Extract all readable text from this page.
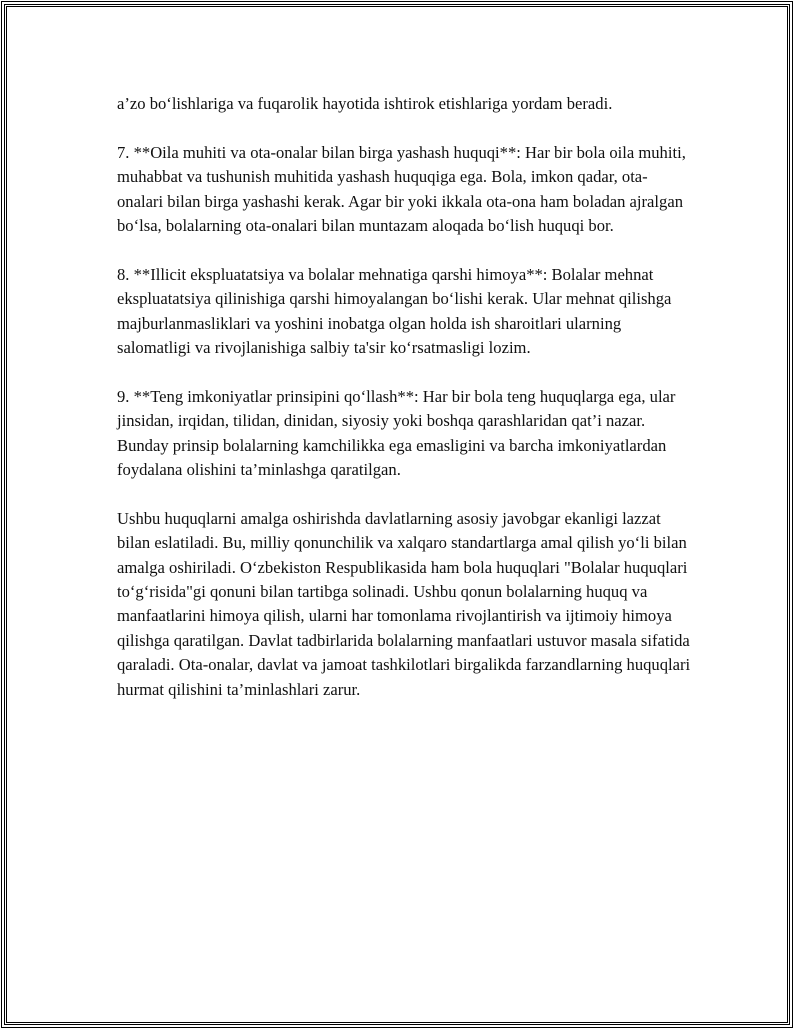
a’zo bo‘lishlariga va fuqarolik hayotida ishtirok etishlariga yordam beradi.

7. **Oila muhiti va ota-onalar bilan birga yashash huquqi**: Har bir bola oila muhiti, muhabbat va tushunish muhitida yashash huquqiga ega. Bola, imkon qadar, ota-onalari bilan birga yashashi kerak. Agar bir yoki ikkala ota-ona ham boladan ajralgan bo‘lsa, bolalarning ota-onalari bilan muntazam aloqada bo‘lish huquqi bor.

8. **Illicit ekspluatatsiya va bolalar mehnatiga qarshi himoya**: Bolalar mehnat ekspluatatsiya qilinishiga qarshi himoyalangan bo‘lishi kerak. Ular mehnat qilishga majburlanmasliklari va yoshini inobatga olgan holda ish sharoitlari ularning salomatligi va rivojlanishiga salbiy ta'sir ko‘rsatmasligi lozim.

9. **Teng imkoniyatlar prinsipini qo‘llash**: Har bir bola teng huquqlarga ega, ular jinsidan, irqidan, tilidan, dinidan, siyosiy yoki boshqa qarashlaridan qat’i nazar. Bunday prinsip bolalarning kamchilikka ega emasligini va barcha imkoniyatlardan foydalana olishini ta’minlashga qaratilgan.

Ushbu huquqlarni amalga oshirishda davlatlarning asosiy javobgar ekanligi lazzat bilan eslatiladi. Bu, milliy qonunchilik va xalqaro standartlarga amal qilish yo‘li bilan amalga oshiriladi. O‘zbekiston Respublikasida ham bola huquqlari "Bolalar huquqlari to‘g‘risida"gi qonuni bilan tartibga solinadi. Ushbu qonun bolalarning huquq va manfaatlarini himoya qilish, ularni har tomonlama rivojlantirish va ijtimoiy himoya qilishga qaratilgan. Davlat tadbirlarida bolalarning manfaatlari ustuvor masala sifatida qaraladi. Ota-onalar, davlat va jamoat tashkilotlari birgalikda farzandlarning huquqlari hurmat qilishini ta’minlashlari zarur.
